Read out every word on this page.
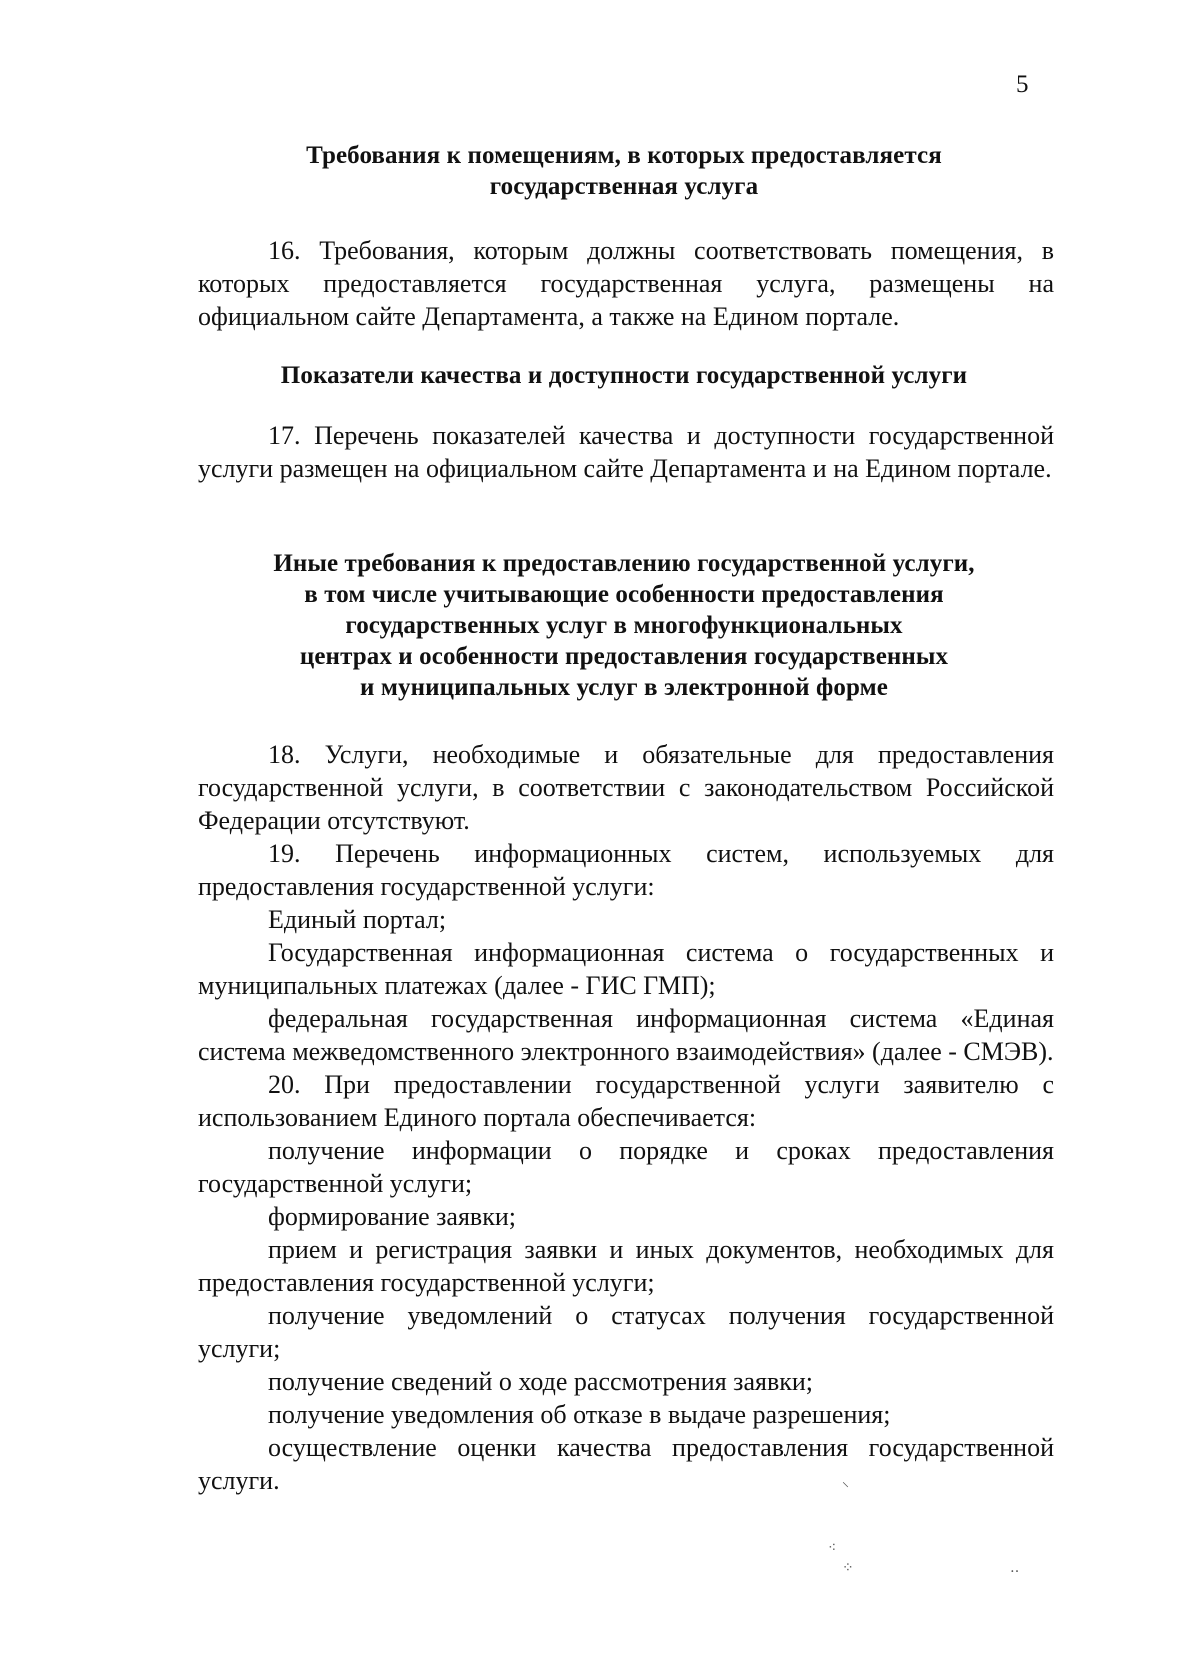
5
Требования к помещениям, в которых предоставляется
государственная услуга

16. Требования, которым должны соответствовать помещения, в которых предоставляется государственная услуга, размещены на официальном сайте Департамента, а также на Едином портале.

Показатели качества и доступности государственной услуги

17. Перечень показателей качества и доступности государственной услуги размещен на официальном сайте Департамента и на Едином портале.

Иные требования к предоставлению государственной услуги,
в том числе учитывающие особенности предоставления
государственных услуг в многофункциональных
центрах и особенности предоставления государственных
и муниципальных услуг в электронной форме

18. Услуги, необходимые и обязательные для предоставления государственной услуги, в соответствии с законодательством Российской Федерации отсутствуют.

19. Перечень информационных систем, используемых для предоставления государственной услуги:

Единый портал;

Государственная информационная система о государственных и муниципальных платежах (далее - ГИС ГМП);

федеральная государственная информационная система «Единая система межведомственного электронного взаимодействия» (далее - СМЭВ).

20. При предоставлении государственной услуги заявителю с использованием Единого портала обеспечивается:

получение информации о порядке и сроках предоставления государственной услуги;

формирование заявки;

прием и регистрация заявки и иных документов, необходимых для предоставления государственной услуги;

получение уведомлений о статусах получения государственной услуги;

получение сведений о ходе рассмотрения заявки;

получение уведомления об отказе в выдаче разрешения;

осуществление оценки качества предоставления государственной услуги.	⸌
⁖
⁘	‥
